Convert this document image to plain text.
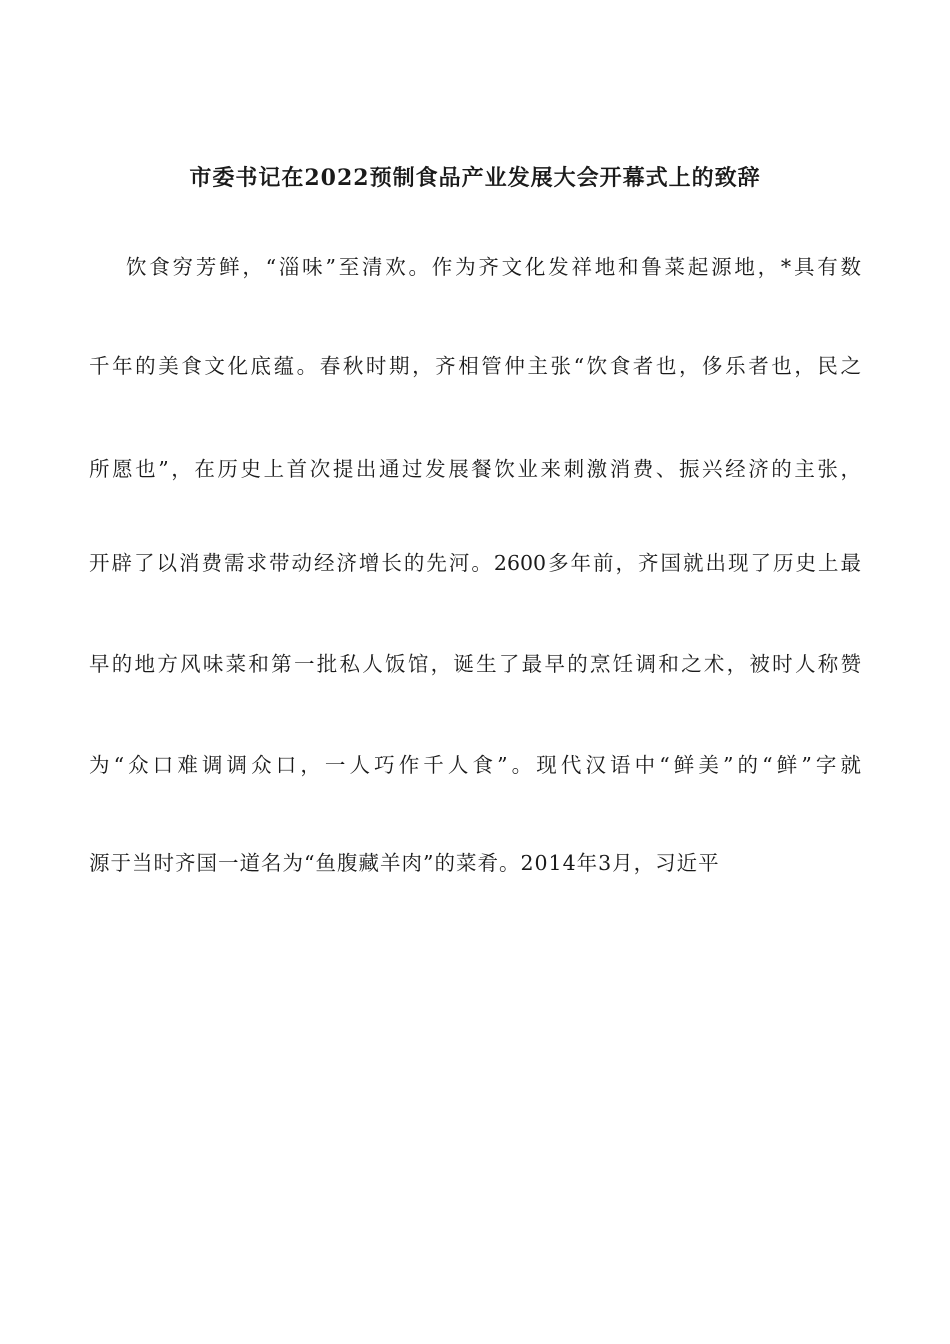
市委书记在2022预制食品产业发展大会开幕式上的致辞
饮食穷芳鲜，“淄味”至清欢。作为齐文化发祥地和鲁菜起源地，*具有数
千年的美食文化底蕴。春秋时期，齐相管仲主张“饮食者也，侈乐者也，民之
所愿也”，在历史上首次提出通过发展餐饮业来刺激消费、振兴经济的主张，
开辟了以消费需求带动经济增长的先河。2600多年前，齐国就出现了历史上最
早的地方风味菜和第一批私人饭馆，诞生了最早的烹饪调和之术，被时人称赞
为“众口难调调众口，一人巧作千人食”。现代汉语中“鲜美”的“鲜”字就
源于当时齐国一道名为“鱼腹藏羊肉”的菜肴。2014年3月，习近平
